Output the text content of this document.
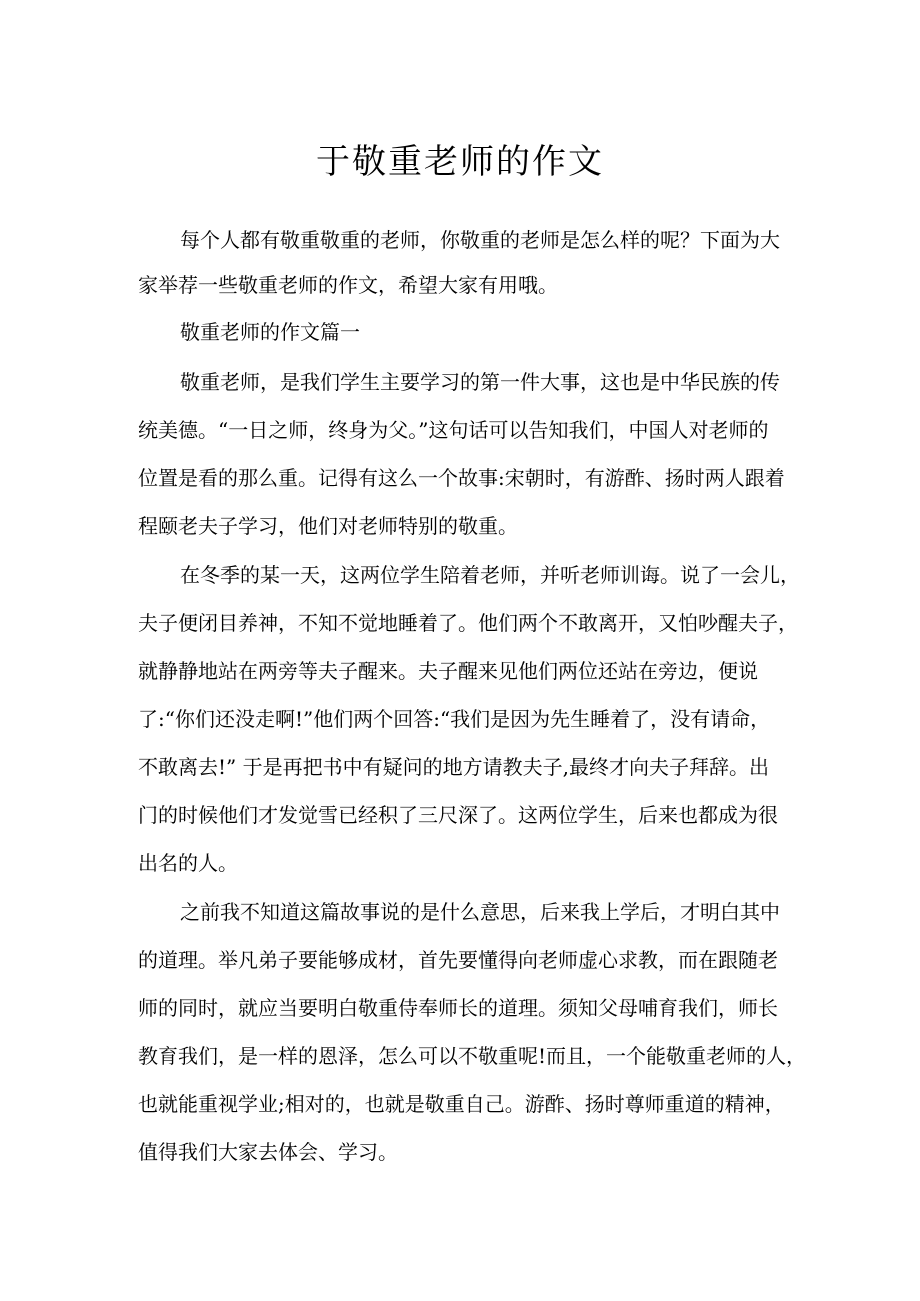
于敬重老师的作文

每个人都有敬重敬重的老师，你敬重的老师是怎么样的呢？下面为大

家举荐一些敬重老师的作文，希望大家有用哦。

敬重老师的作文篇一

敬重老师，是我们学生主要学习的第一件大事，这也是中华民族的传

统美德。“一日之师，终身为父。”这句话可以告知我们，中国人对老师的

位置是看的那么重。记得有这么一个故事:宋朝时，有游酢、扬时两人跟着

程颐老夫子学习，他们对老师特别的敬重。

在冬季的某一天，这两位学生陪着老师，并听老师训诲。说了一会儿，

夫子便闭目养神，不知不觉地睡着了。他们两个不敢离开，又怕吵醒夫子，

就静静地站在两旁等夫子醒来。夫子醒来见他们两位还站在旁边，便说

了:“你们还没走啊!”他们两个回答:“我们是因为先生睡着了，没有请命，

不敢离去!” 于是再把书中有疑问的地方请教夫子,最终才向夫子拜辞。出

门的时候他们才发觉雪已经积了三尺深了。这两位学生，后来也都成为很

出名的人。

之前我不知道这篇故事说的是什么意思，后来我上学后，才明白其中

的道理。举凡弟子要能够成材，首先要懂得向老师虚心求教，而在跟随老

师的同时，就应当要明白敬重侍奉师长的道理。须知父母哺育我们，师长

教育我们，是一样的恩泽，怎么可以不敬重呢!而且，一个能敬重老师的人，

也就能重视学业;相对的，也就是敬重自己。游酢、扬时尊师重道的精神，

值得我们大家去体会、学习。
